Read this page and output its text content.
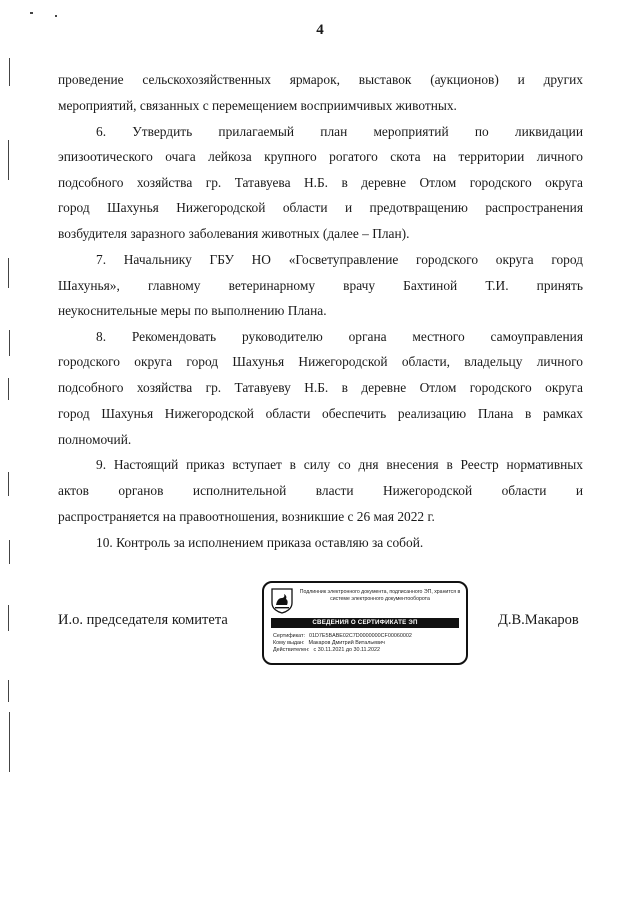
4
проведение сельскохозяйственных ярмарок, выставок (аукционов) и других
мероприятий, связанных с перемещением восприимчивых животных.
6.  Утвердить  прилагаемый  план  мероприятий  по  ликвидации
эпизоотического очага лейкоза крупного рогатого скота на территории личного
подсобного хозяйства гр. Татавуева Н.Б. в деревне Отлом городского округа
город Шахунья Нижегородской области и предотвращению распространения
возбудителя заразного заболевания животных (далее – План).
7. Начальнику ГБУ НО «Госветуправление городского округа город
Шахунья», главному ветеринарному врачу Бахтиной Т.И. принять
неукоснительные меры по выполнению Плана.
8. Рекомендовать руководителю органа местного самоуправления
городского округа город Шахунья Нижегородской области, владельцу личного
подсобного хозяйства гр. Татавуеву Н.Б. в деревне Отлом городского округа
город Шахунья Нижегородской области обеспечить реализацию Плана в рамках
полномочий.
9. Настоящий приказ вступает в силу со дня внесения в Реестр нормативных
актов органов исполнительной власти Нижегородской области и
распространяется на правоотношения, возникшие с 26 мая 2022 г.
10. Контроль за исполнением приказа оставляю за собой.
И.о. председателя комитета	Д.В.Макаров
Подлинник электронного документа, подписанного ЭП, хранится в системе электронного документооборота
СВЕДЕНИЯ О СЕРТИФИКАТЕ ЭП
Сертификат: 01D7E5BABE02C7D0000000CF00060002
Кому выдан: Макаров Дмитрий Витальевич
Действителен: с 30.11.2021 до 30.11.2022
